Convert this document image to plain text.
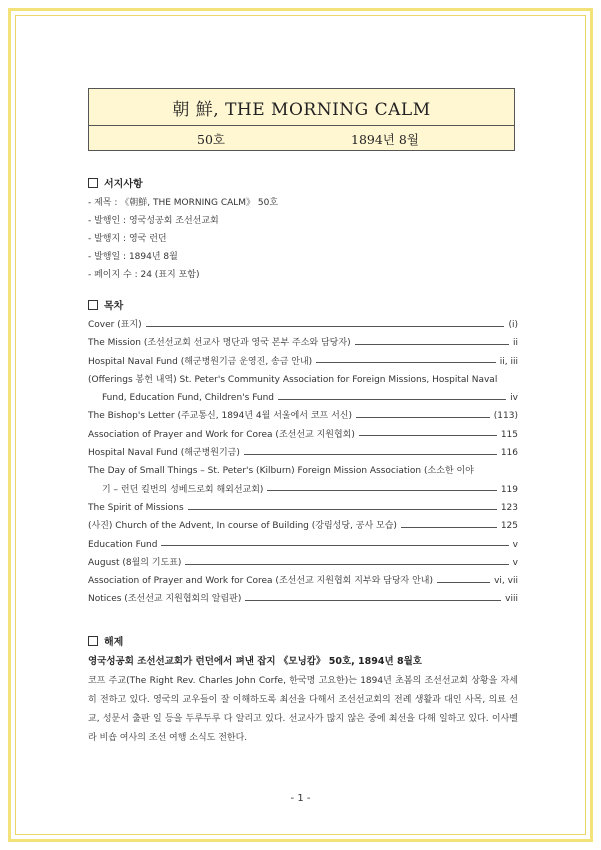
朝 鮮, THE MORNING CALM
50호	1894년 8월
서지사항
- 제목 : 《朝鮮, THE MORNING CALM》 50호
- 발행인 : 영국성공회 조선선교회
- 발행지 : 영국 런던
- 발행일 : 1894년 8월
- 페이지 수 : 24 (표지 포함)
목차
Cover (표지)	(i)
The Mission (조선선교회 선교사 명단과 영국 본부 주소와 담당자)	ii
Hospital Naval Fund (해군병원기금 운영진, 송금 안내)	ii, iii
(Offerings 봉헌 내역) St. Peter's Community Association for Foreign Missions, Hospital Naval
Fund, Education Fund, Children's Fund	iv
The Bishop's Letter (주교통신, 1894년 4월 서울에서 코프 서신)	(113)
Association of Prayer and Work for Corea (조선선교 지원협회)	115
Hospital Naval Fund (해군병원기금)	116
The Day of Small Things – St. Peter's (Kilburn) Foreign Mission Association (소소한 이야
기 – 런던 킬번의 성베드로회 해외선교회)	119
The Spirit of Missions	123
(사진) Church of the Advent, In course of Building (강림성당, 공사 모습)	125
Education Fund	v
August (8월의 기도표)	v
Association of Prayer and Work for Corea (조선선교 지원협회 지부와 담당자 안내)	vi, vii
Notices (조선선교 지원협회의 알림판)	viii
해제
영국성공회 조선선교회가 런던에서 펴낸 잡지 《모닝캄》 50호, 1894년 8월호
코프 주교(The Right Rev. Charles John Corfe, 한국명 고요한)는 1894년 초봄의 조선선교회 상황을 자세히 전하고 있다. 영국의 교우들이 잘 이해하도록 최선을 다해서 조선선교회의 전례 생활과 대인 사목, 의료 선교, 성문서 출판 일 등을 두루두루 다 알리고 있다. 선교사가 많지 않은 중에 최선을 다해 일하고 있다. 이사벨라 비숍 여사의 조선 여행 소식도 전한다.
- 1 -
